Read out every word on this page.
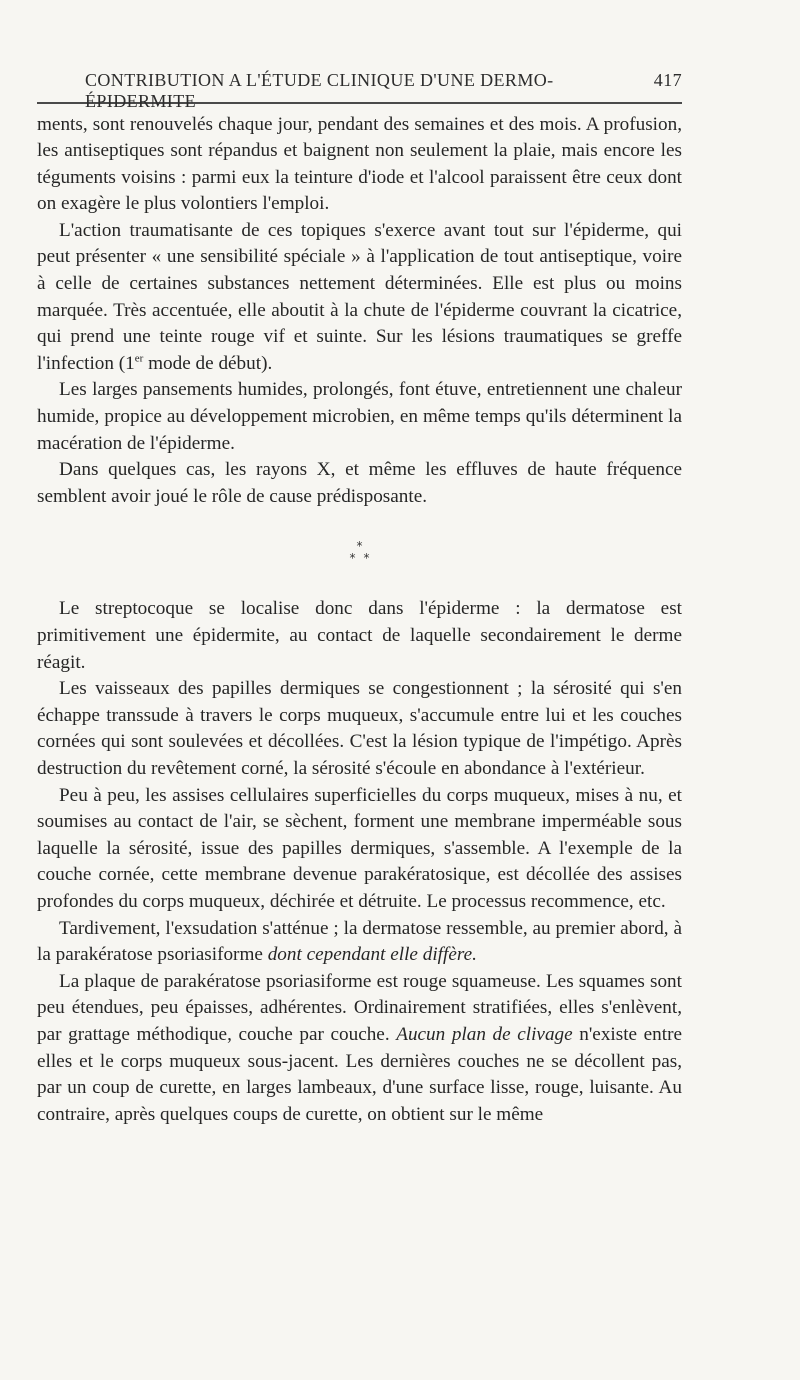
CONTRIBUTION A L'ÉTUDE CLINIQUE D'UNE DERMO-ÉPIDERMITE
417

ments, sont renouvelés chaque jour, pendant des semaines et des mois. A profusion, les antiseptiques sont répandus et baignent non seulement la plaie, mais encore les téguments voisins : parmi eux la teinture d'iode et l'alcool paraissent être ceux dont on exagère le plus volontiers l'emploi.

L'action traumatisante de ces topiques s'exerce avant tout sur l'épiderme, qui peut présenter « une sensibilité spéciale » à l'application de tout antiseptique, voire à celle de certaines substances nettement déterminées. Elle est plus ou moins marquée. Très accentuée, elle aboutit à la chute de l'épiderme couvrant la cicatrice, qui prend une teinte rouge vif et suinte. Sur les lésions traumatiques se greffe l'infection (1er mode de début).

Les larges pansements humides, prolongés, font étuve, entretiennent une chaleur humide, propice au développement microbien, en même temps qu'ils déterminent la macération de l'épiderme.

Dans quelques cas, les rayons X, et même les effluves de haute fréquence semblent avoir joué le rôle de cause prédisposante.

*
**

Le streptocoque se localise donc dans l'épiderme : la dermatose est primitivement une épidermite, au contact de laquelle secondairement le derme réagit.

Les vaisseaux des papilles dermiques se congestionnent ; la sérosité qui s'en échappe transsude à travers le corps muqueux, s'accumule entre lui et les couches cornées qui sont soulevées et décollées. C'est la lésion typique de l'impétigo. Après destruction du revêtement corné, la sérosité s'écoule en abondance à l'extérieur.

Peu à peu, les assises cellulaires superficielles du corps muqueux, mises à nu, et soumises au contact de l'air, se sèchent, forment une membrane imperméable sous laquelle la sérosité, issue des papilles dermiques, s'assemble. A l'exemple de la couche cornée, cette membrane devenue parakératosique, est décollée des assises profondes du corps muqueux, déchirée et détruite. Le processus recommence, etc.

Tardivement, l'exsudation s'atténue ; la dermatose ressemble, au premier abord, à la parakératose psoriasiforme dont cependant elle diffère.

La plaque de parakératose psoriasiforme est rouge squameuse. Les squames sont peu étendues, peu épaisses, adhérentes. Ordinairement stratifiées, elles s'enlèvent, par grattage méthodique, couche par couche. Aucun plan de clivage n'existe entre elles et le corps muqueux sous-jacent. Les dernières couches ne se décollent pas, par un coup de curette, en larges lambeaux, d'une surface lisse, rouge, luisante. Au contraire, après quelques coups de curette, on obtient sur le même
